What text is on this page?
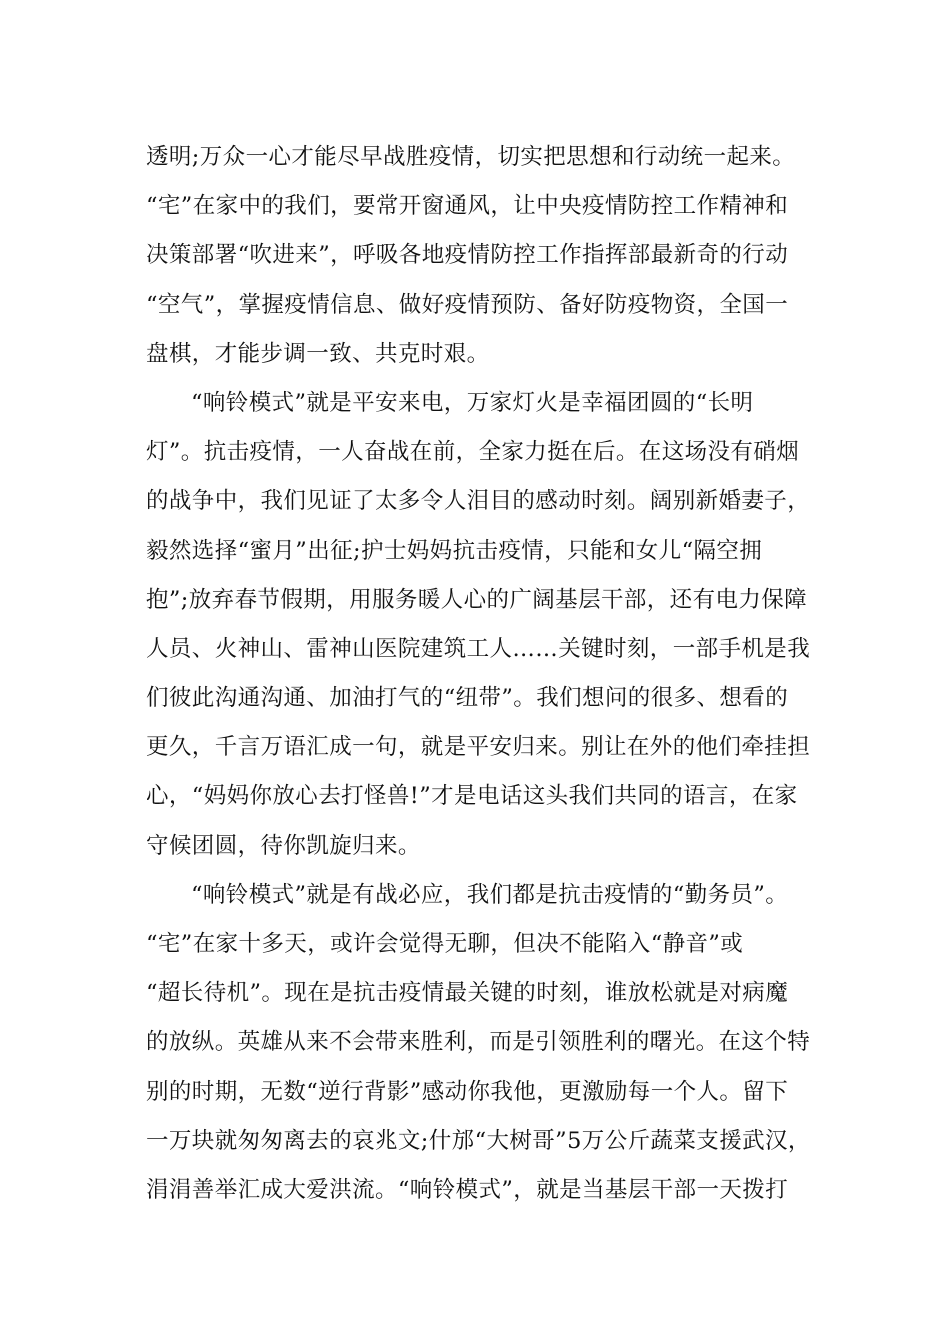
透明;万众一心才能尽早战胜疫情，切实把思想和行动统一起来。
“宅”在家中的我们，要常开窗通风，让中央疫情防控工作精神和
决策部署“吹进来”，呼吸各地疫情防控工作指挥部最新奇的行动
“空气”，掌握疫情信息、做好疫情预防、备好防疫物资，全国一
盘棋，才能步调一致、共克时艰。
“响铃模式”就是平安来电，万家灯火是幸福团圆的“长明
灯”。抗击疫情，一人奋战在前，全家力挺在后。在这场没有硝烟
的战争中，我们见证了太多令人泪目的感动时刻。阔别新婚妻子，
毅然选择“蜜月”出征;护士妈妈抗击疫情，只能和女儿“隔空拥
抱”;放弃春节假期，用服务暖人心的广阔基层干部，还有电力保障
人员、火神山、雷神山医院建筑工人……关键时刻，一部手机是我
们彼此沟通沟通、加油打气的“纽带”。我们想问的很多、想看的
更久，千言万语汇成一句，就是平安归来。别让在外的他们牵挂担
心，“妈妈你放心去打怪兽!”才是电话这头我们共同的语言，在家
守候团圆，待你凯旋归来。
“响铃模式”就是有战必应，我们都是抗击疫情的“勤务员”。
“宅”在家十多天，或许会觉得无聊，但决不能陷入“静音”或
“超长待机”。现在是抗击疫情最关键的时刻，谁放松就是对病魔
的放纵。英雄从来不会带来胜利，而是引领胜利的曙光。在这个特
别的时期，无数“逆行背影”感动你我他，更激励每一个人。留下
一万块就匆匆离去的哀兆文;什邡“大树哥”5万公斤蔬菜支援武汉，
涓涓善举汇成大爱洪流。“响铃模式”，就是当基层干部一天拨打
